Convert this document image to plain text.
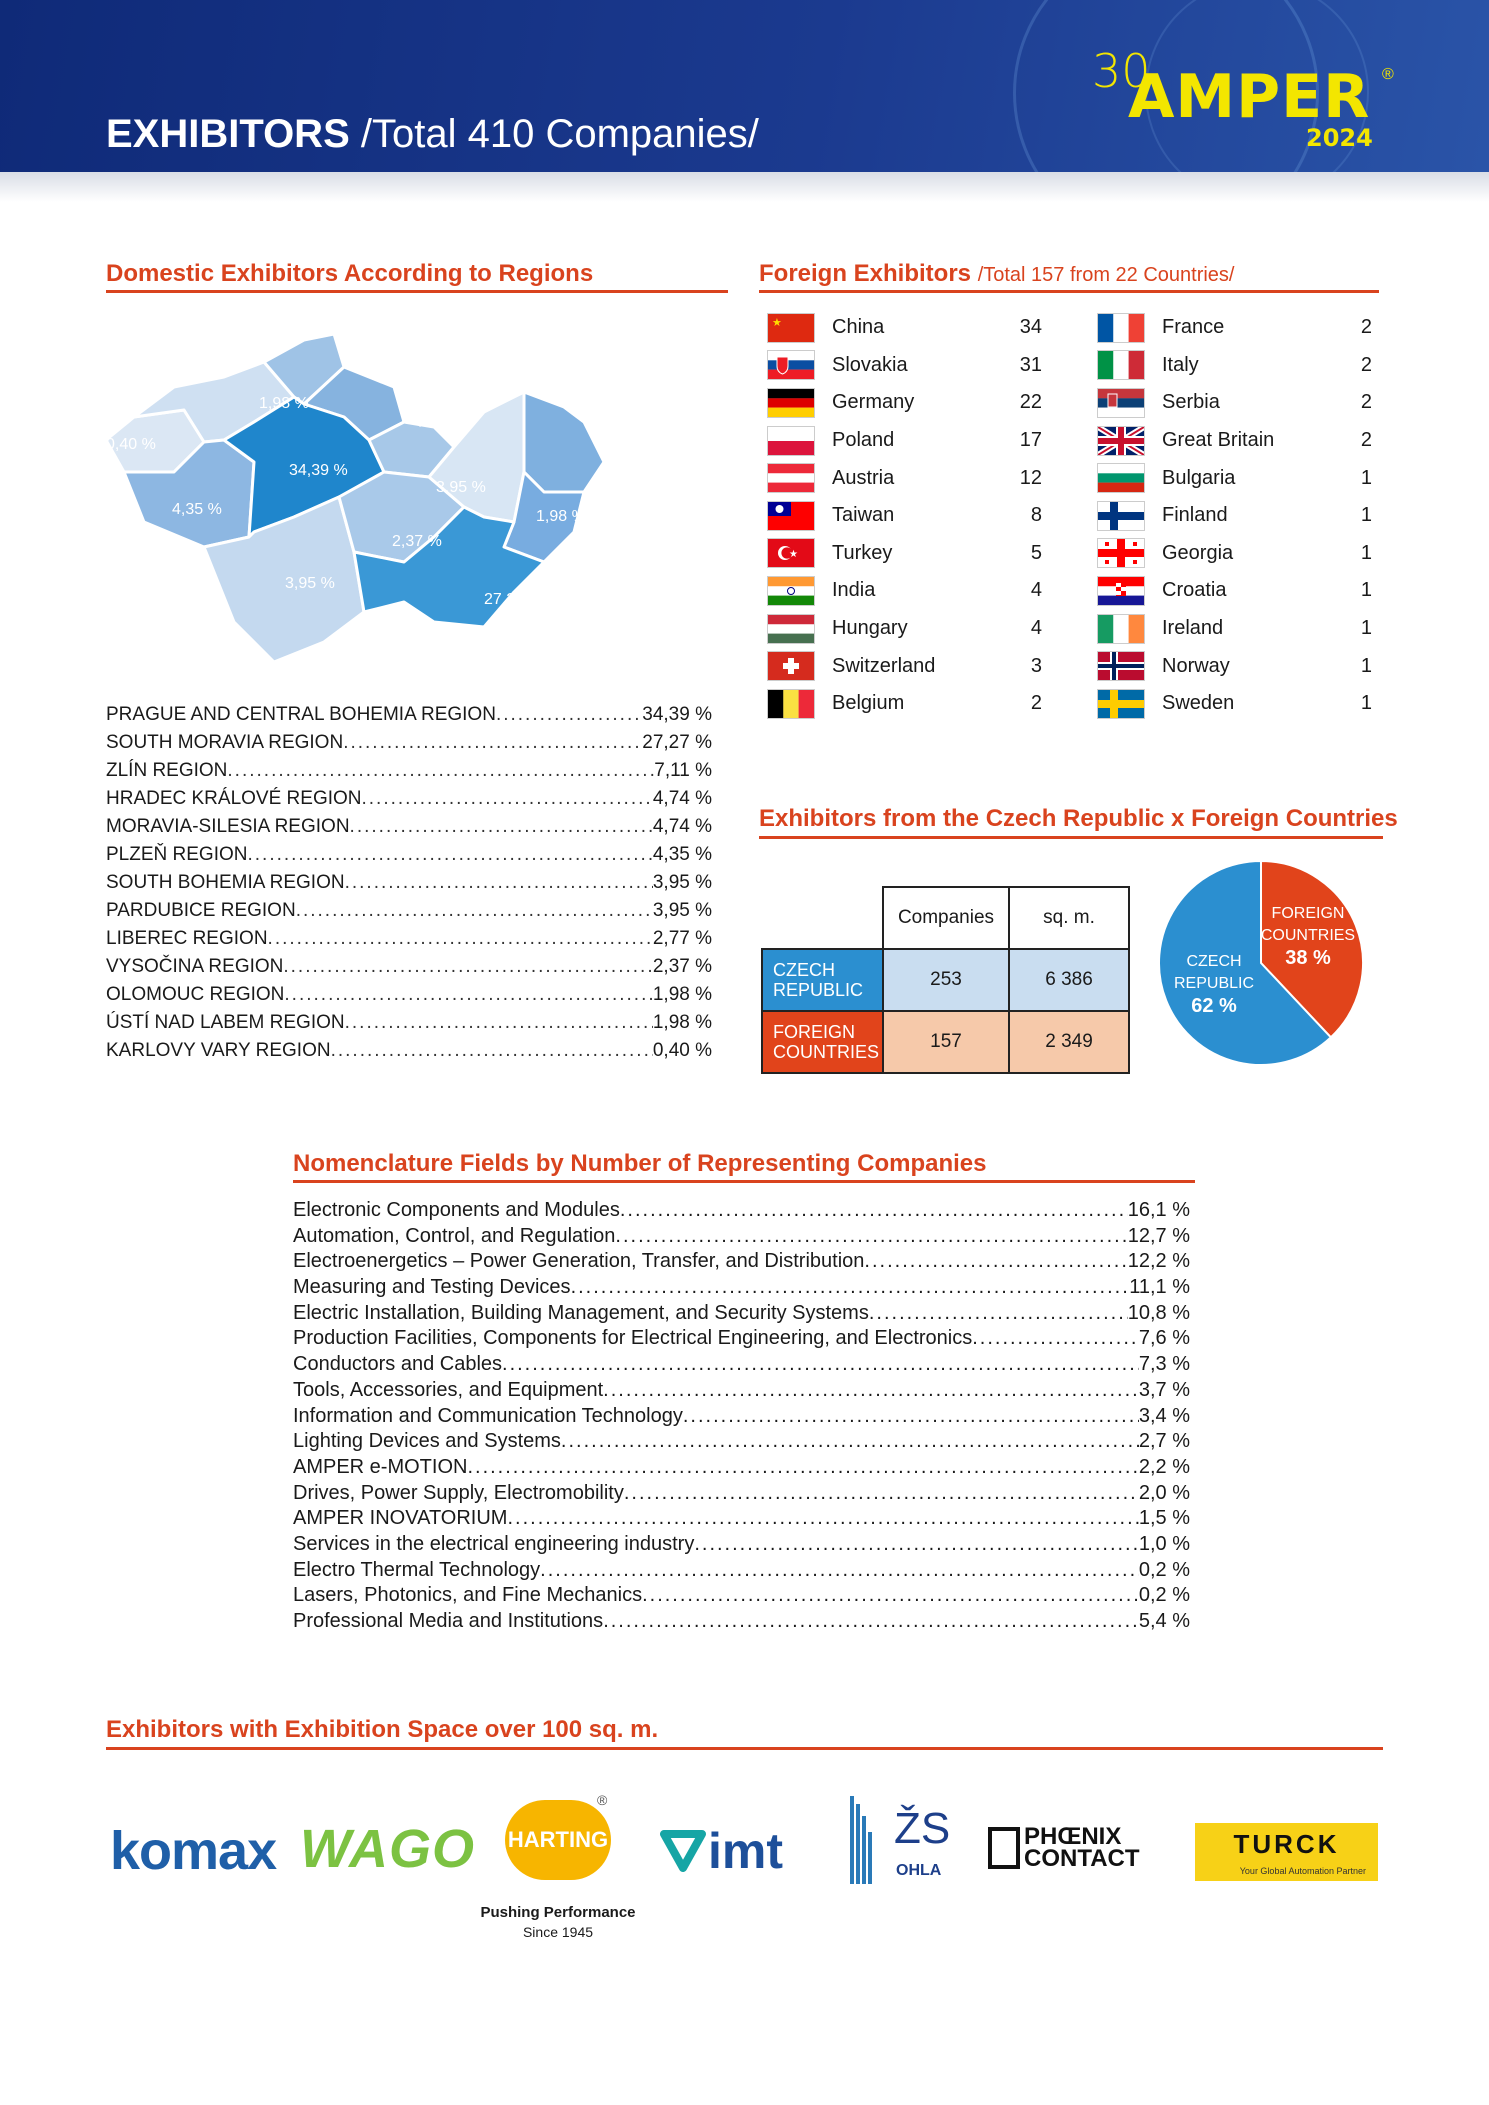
EXHIBITORS /Total 410 Companies/
30
AMPER ®
2024
Domestic Exhibitors According to Regions
2,77 %
1,98 %
4,74 %
0,40 %
34,39 %
3,95 %	4,74 %
4,35 %	1,98 %
2,37 %
3,95 %
7,11 %
27,27 %
PRAGUE AND CENTRAL BOHEMIA REGION .....	34,39 %
SOUTH MORAVIA REGION .....	27,27 %
ZLÍN REGION .....	7,11 %
HRADEC KRÁLOVÉ REGION .....	4,74 %
MORAVIA-SILESIA REGION .....	4,74 %
PLZEŇ REGION .....	4,35 %
SOUTH BOHEMIA REGION .....	3,95 %
PARDUBICE REGION .....	3,95 %
LIBEREC REGION .....	2,77 %
VYSOČINA REGION .....	2,37 %
OLOMOUC REGION .....	1,98 %
ÚSTÍ NAD LABEM REGION .....	1,98 %
KARLOVY VARY REGION .....	0,40 %
Foreign Exhibitors /Total 157 from 22 Countries/
★	China	34
Slovakia	31
Germany	22
Poland	17
Austria	12
Taiwan	8
★ Turkey	5
India	4
Hungary	4
Switzerland	3
Belgium	2
France	2
Italy	2
Serbia	2
Great Britain	2
Bulgaria	1
Finland	1
Georgia	1
Croatia	1
Ireland	1
Norway	1
Sweden	1
Exhibitors from the Czech Republic x Foreign Countries
	Companies	sq. m.
CZECH
REPUBLIC	253	6 386
FOREIGN
COUNTRIES	157	2 349
CZECH
REPUBLIC
62 %
FOREIGN
COUNTRIES
38 %
Nomenclature Fields by Number of Representing Companies
Electronic Components and Modules .....	16,1 %
Automation, Control, and Regulation .....	12,7 %
Electroenergetics – Power Generation, Transfer, and Distribution .....	12,2 %
Measuring and Testing Devices .....	11,1 %
Electric Installation, Building Management, and Security Systems .....	10,8 %
Production Facilities, Components for Electrical Engineering, and Electronics .....	7,6 %
Conductors and Cables .....	7,3 %
Tools, Accessories, and Equipment .....	3,7 %
Information and Communication Technology .....	3,4 %
Lighting Devices and Systems .....	2,7 %
AMPER e-MOTION .....	2,2 %
Drives, Power Supply, Electromobility .....	2,0 %
AMPER INOVATORIUM .....	1,5 %
Services in the electrical engineering industry .....	1,0 %
Electro Thermal Technology .....	0,2 %
Lasers, Photonics, and Fine Mechanics .....	0,2 %
Professional Media and Institutions .....	5,4 %
Exhibitors with Exhibition Space over 100 sq. m.
komax WAGO HARTING
®
Pushing Performance
Since 1945
imt	ŽS
OHLA
PHŒNIX
CONTACT	TURCK
Your Global Automation Partner
